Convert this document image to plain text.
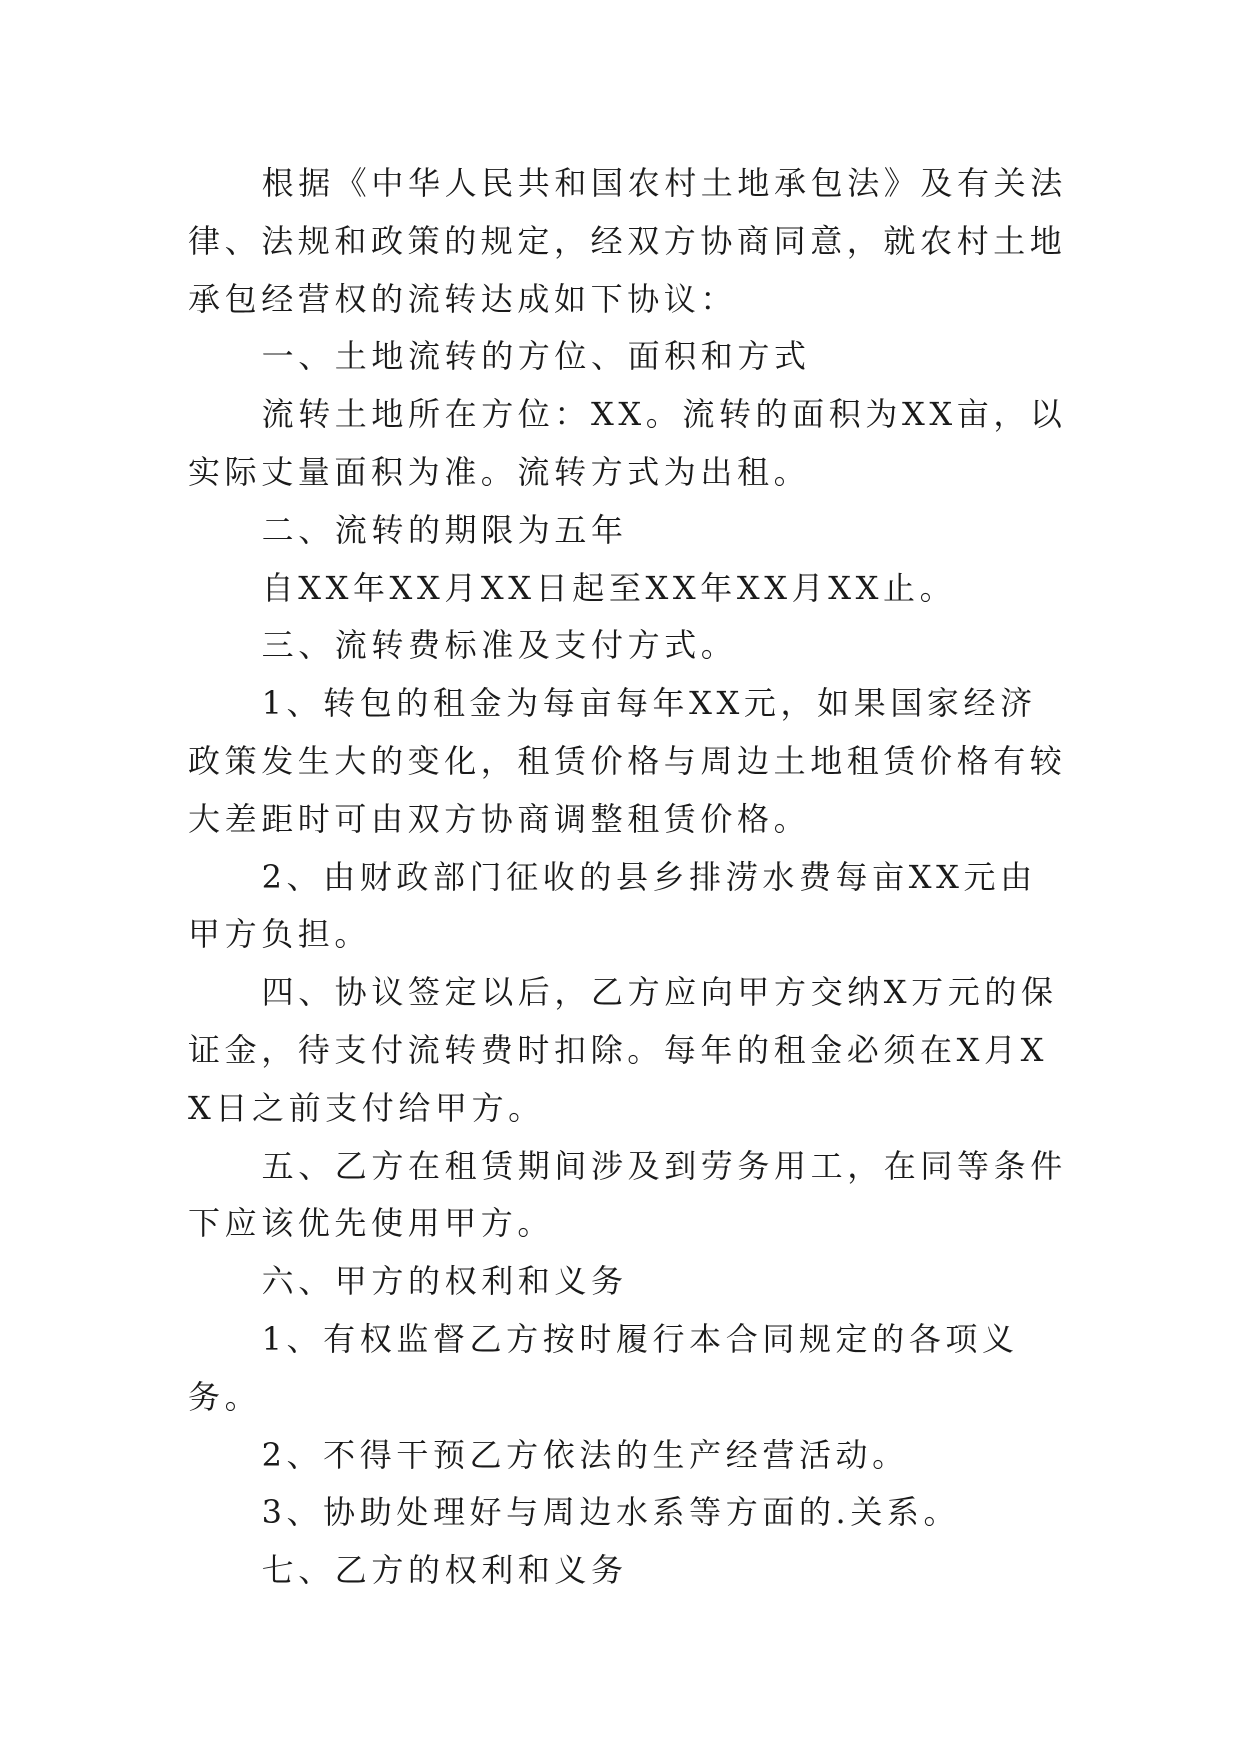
根据《中华人民共和国农村土地承包法》及有关法律、法规和政策的规定，经双方协商同意，就农村土地承包经营权的流转达成如下协议：

一、土地流转的方位、面积和方式

流转土地所在方位：XX。流转的面积为XX亩，以实际丈量面积为准。流转方式为出租。

二、流转的期限为五年

自XX年XX月XX日起至XX年XX月XX止。

三、流转费标准及支付方式。

1、转包的租金为每亩每年XX元，如果国家经济政策发生大的变化，租赁价格与周边土地租赁价格有较大差距时可由双方协商调整租赁价格。

2、由财政部门征收的县乡排涝水费每亩XX元由甲方负担。

四、协议签定以后，乙方应向甲方交纳X万元的保证金，待支付流转费时扣除。每年的租金必须在X月XX日之前支付给甲方。

五、乙方在租赁期间涉及到劳务用工，在同等条件下应该优先使用甲方。

六、甲方的权利和义务

1、有权监督乙方按时履行本合同规定的各项义务。

2、不得干预乙方依法的生产经营活动。

3、协助处理好与周边水系等方面的.关系。

七、乙方的权利和义务
